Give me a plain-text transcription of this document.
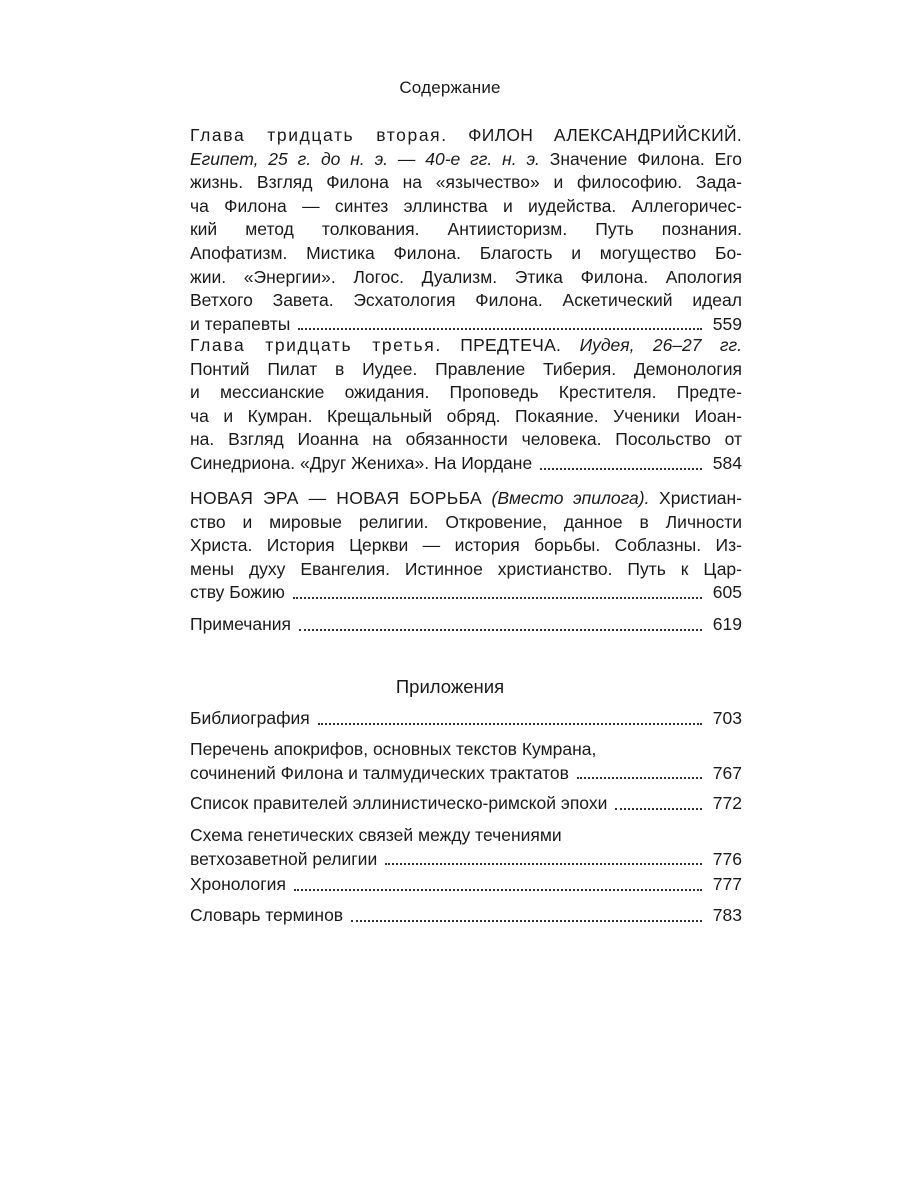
Содержание
Глава тридцать вторая. ФИЛОН АЛЕКСАНДРИЙСКИЙ.
Египет, 25 г. до н. э. — 40-е гг. н. э. Значение Филона. Его
жизнь. Взгляд Филона на «язычество» и философию. Зада-
ча Филона — синтез эллинства и иудейства. Аллегоричес-
кий метод толкования. Антиисторизм. Путь познания.
Апофатизм. Мистика Филона. Благость и могущество Бо-
жии. «Энергии». Логос. Дуализм. Этика Филона. Апология
Ветхого Завета. Эсхатология Филона. Аскетический идеал
и терапевты	559
Глава тридцать третья. ПРЕДТЕЧА. Иудея, 26–27 гг.
Понтий Пилат в Иудее. Правление Тиберия. Демонология
и мессианские ожидания. Проповедь Крестителя. Предте-
ча и Кумран. Крещальный обряд. Покаяние. Ученики Иоан-
на. Взгляд Иоанна на обязанности человека. Посольство от
Синедриона. «Друг Жениха». На Иордане	584
НОВАЯ ЭРА — НОВАЯ БОРЬБА (Вместо эпилога). Христиан-
ство и мировые религии. Откровение, данное в Личности
Христа. История Церкви — история борьбы. Соблазны. Из-
мены духу Евангелия. Истинное христианство. Путь к Цар-
ству Божию	605
Примечания	619
Библиография	703
Перечень апокрифов, основных текстов Кумрана,
сочинений Филона и талмудических трактатов	767
Список правителей эллинистическо-римской эпохи	772
Схема генетических связей между течениями
ветхозаветной религии	776
Хронология	777
Словарь терминов	783
Приложения
